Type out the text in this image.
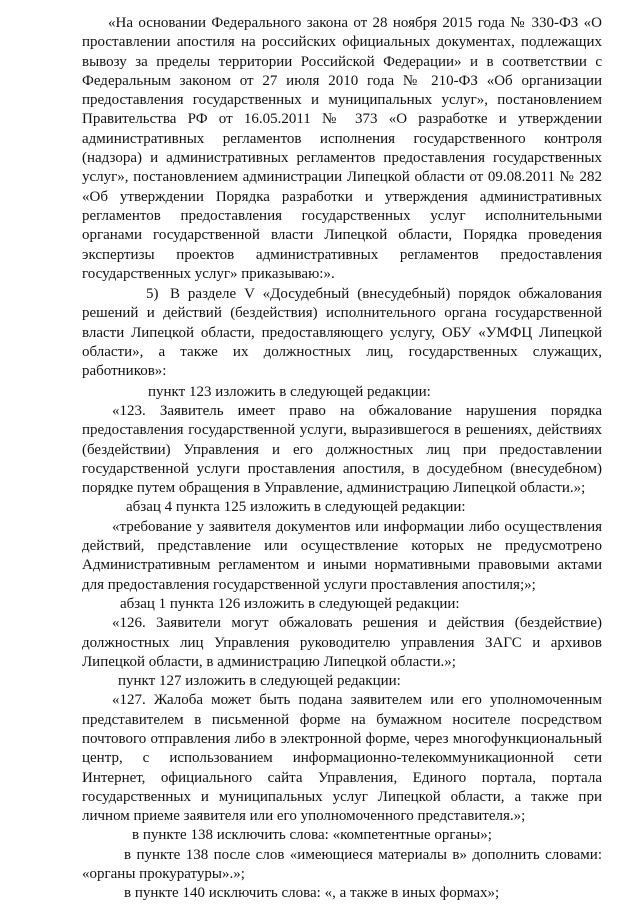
«На основании Федерального закона от 28 ноября 2015 года № 330-ФЗ «О

проставлении апостиля на российских официальных документах, подлежащих

вывозу за пределы территории Российской Федерации» и в соответствии с

Федеральным законом от 27 июля 2010 года № 210-ФЗ «Об организации

предоставления государственных и муниципальных услуг», постановлением

Правительства РФ от 16.05.2011 № 373 «О разработке и утверждении

административных регламентов исполнения государственного контроля

(надзора) и административных регламентов предоставления государственных

услуг», постановлением администрации Липецкой области от 09.08.2011 № 282

«Об утверждении Порядка разработки и утверждения административных

регламентов предоставления государственных услуг исполнительными

органами государственной власти Липецкой области, Порядка проведения

экспертизы проектов административных регламентов предоставления

государственных услуг» приказываю:».

5) В разделе V «Досудебный (внесудебный) порядок обжалования

решений и действий (бездействия) исполнительного органа государственной

власти Липецкой области, предоставляющего услугу, ОБУ «УМФЦ Липецкой

области», а также их должностных лиц, государственных служащих,

работников»:

пункт 123 изложить в следующей редакции:

«123. Заявитель имеет право на обжалование нарушения порядка

предоставления государственной услуги, выразившегося в решениях, действиях

(бездействии) Управления и его должностных лиц при предоставлении

государственной услуги проставления апостиля, в досудебном (внесудебном)

порядке путем обращения в Управление, администрацию Липецкой области.»;

абзац 4 пункта 125 изложить в следующей редакции:

«требование у заявителя документов или информации либо осуществления

действий, представление или осуществление которых не предусмотрено

Административным регламентом и иными нормативными правовыми актами

для предоставления государственной услуги проставления апостиля;»;

абзац 1 пункта 126 изложить в следующей редакции:

«126. Заявители могут обжаловать решения и действия (бездействие)

должностных лиц Управления руководителю управления ЗАГС и архивов

Липецкой области, в администрацию Липецкой области.»;

пункт 127 изложить в следующей редакции:

«127. Жалоба может быть подана заявителем или его уполномоченным

представителем в письменной форме на бумажном носителе посредством

почтового отправления либо в электронной форме, через многофункциональный

центр, с использованием информационно-телекоммуникационной сети

Интернет, официального сайта Управления, Единого портала, портала

государственных и муниципальных услуг Липецкой области, а также при

личном приеме заявителя или его уполномоченного представителя.»;

в пункте 138 исключить слова: «компетентные органы»;

в пункте 138 после слов «имеющиеся материалы в» дополнить словами:

«органы прокуратуры».»;

в пункте 140 исключить слова: «, а также в иных формах»;
